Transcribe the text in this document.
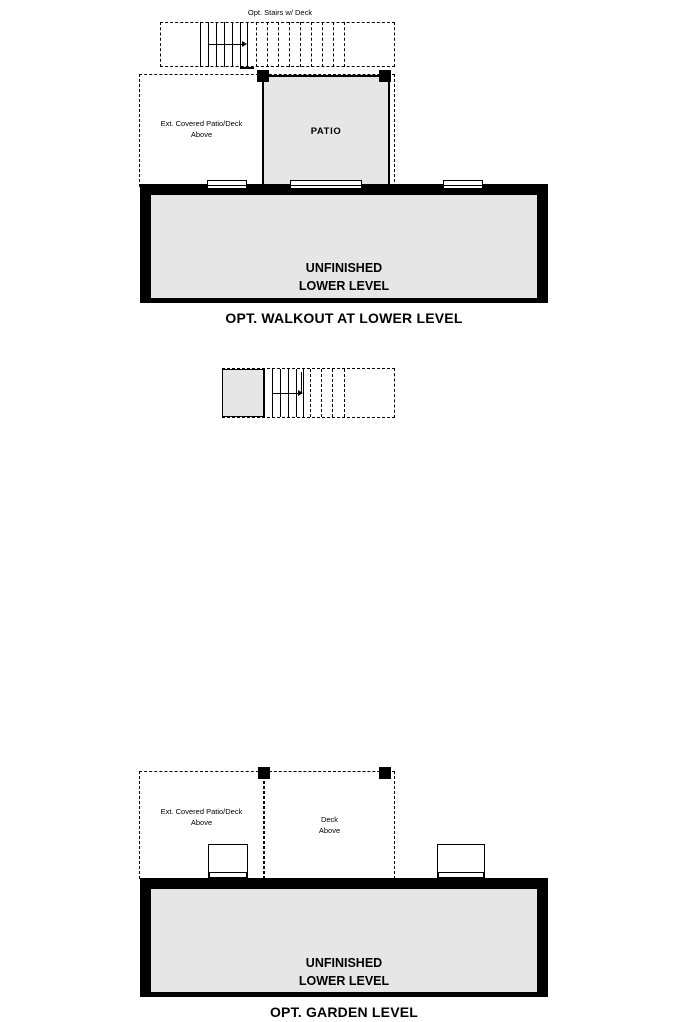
Opt. Stairs w/ Deck
Ext. Covered Patio/Deck
Above	PATIO
UNFINISHED
LOWER LEVEL
OPT. WALKOUT AT LOWER LEVEL
Ext. Covered Patio/Deck
Above	Deck
Above
UNFINISHED
LOWER LEVEL
OPT. GARDEN LEVEL
